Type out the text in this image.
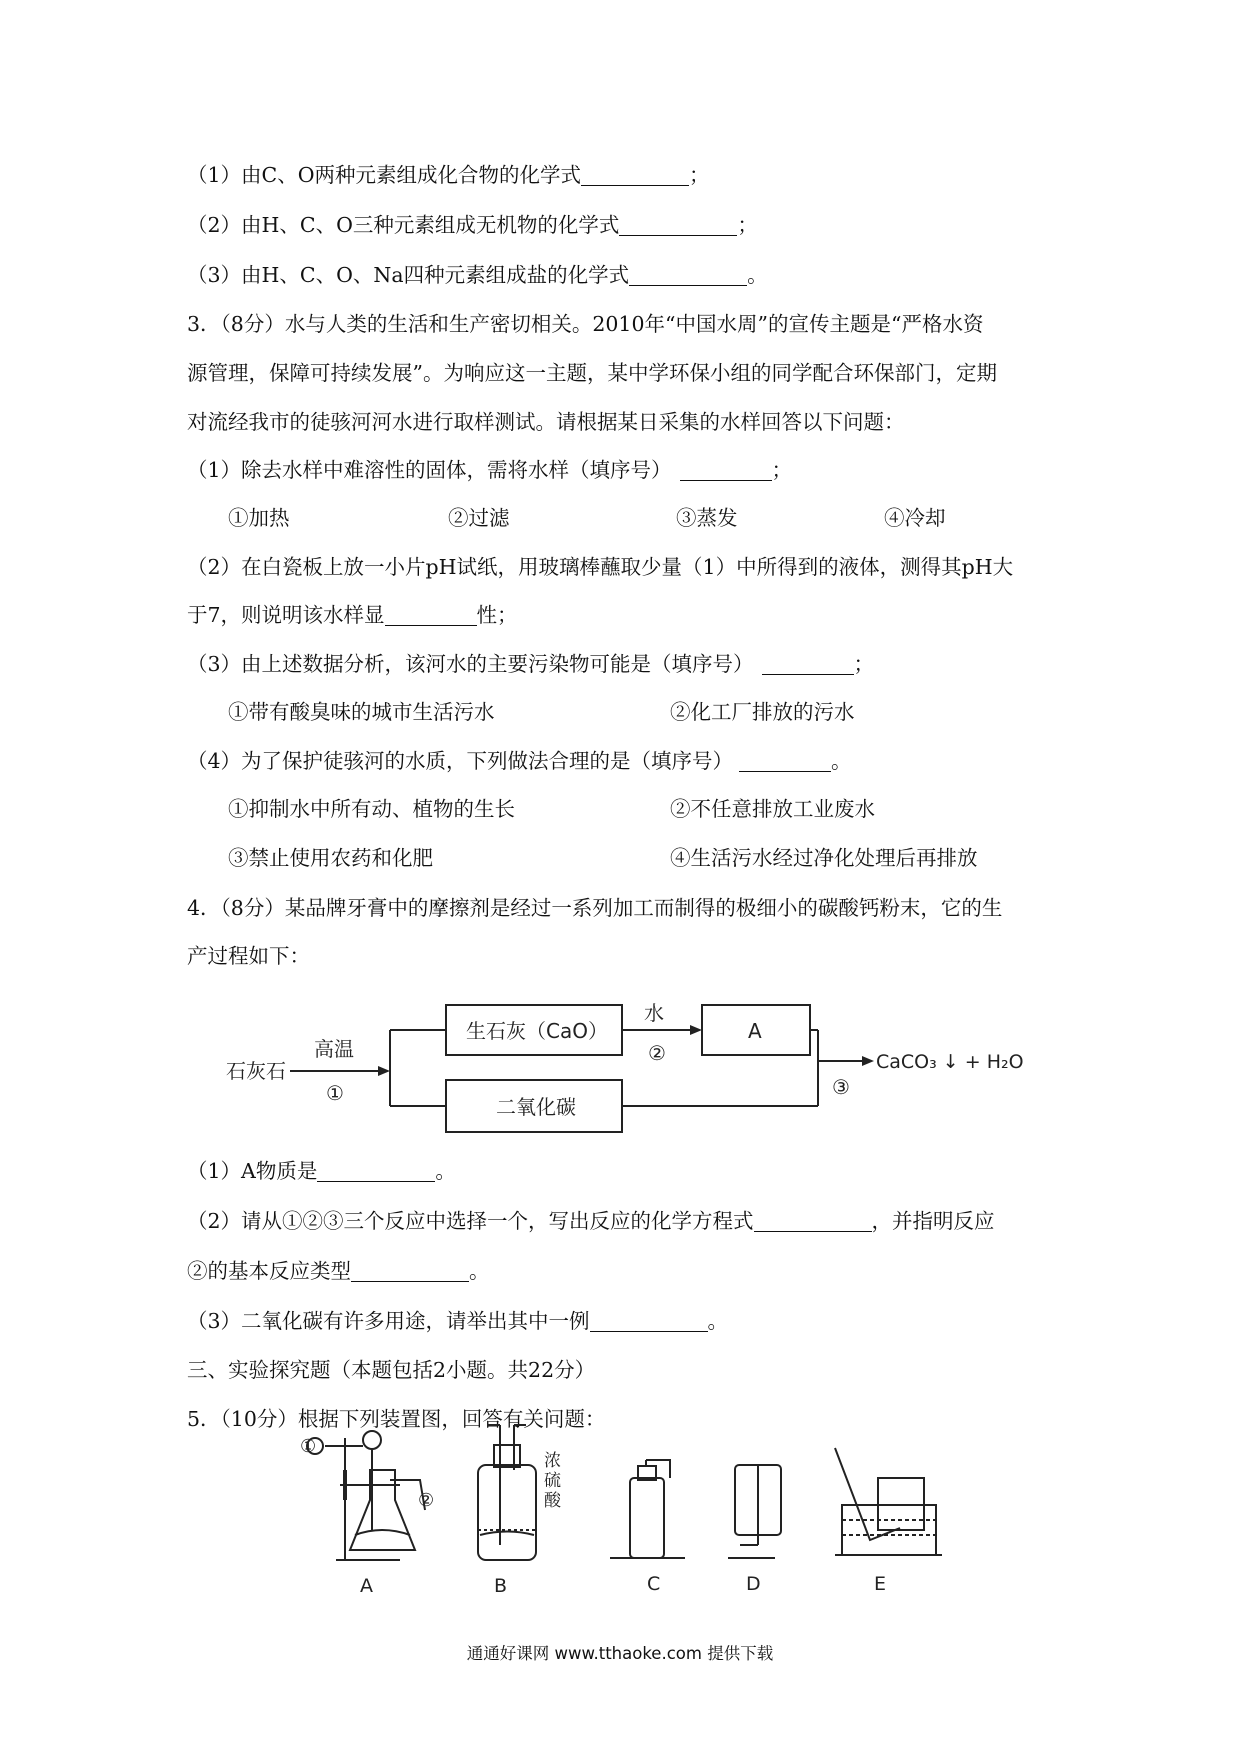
（1）由C、O两种元素组成化合物的化学式	；
（2）由H、C、O三种元素组成无机物的化学式	；
（3）由H、C、O、Na四种元素组成盐的化学式	。
3．（8分）水与人类的生活和生产密切相关。2010年“中国水周”的宣传主题是“严格水资
源管理，保障可持续发展”。为响应这一主题，某中学环保小组的同学配合环保部门，定期
对流经我市的徒骇河河水进行取样测试。请根据某日采集的水样回答以下问题：
（1）除去水样中难溶性的固体，需将水样（填序号）	；
①加热	②过滤	③蒸发	④冷却
（2）在白瓷板上放一小片pH试纸，用玻璃棒蘸取少量（1）中所得到的液体，测得其pH大
于7，则说明该水样显	性；
（3）由上述数据分析，该河水的主要污染物可能是（填序号）	；
①带有酸臭味的城市生活污水	②化工厂排放的污水
（4）为了保护徒骇河的水质，下列做法合理的是（填序号）	。
①抑制水中所有动、植物的生长	②不任意排放工业废水
③禁止使用农药和化肥	④生活污水经过净化处理后再排放
4．（8分）某品牌牙膏中的摩擦剂是经过一系列加工而制得的极细小的碳酸钙粉末，它的生
产过程如下：
石灰石
高温
①
生石灰（CaO）
水
②
A
二氧化碳
③
CaCO₃ ↓ + H₂O
（1）A物质是	。
（2）请从①②③三个反应中选择一个，写出反应的化学方程式	，并指明反应
②的基本反应类型	。
（3）二氧化碳有许多用途，请举出其中一例	。
三、实验探究题（本题包括2小题。共22分）
5．（10分）根据下列装置图，回答有关问题：
①
②
浓
硫
酸
A	B	C	D	E
通通好课网 www.tthaoke.com 提供下载
